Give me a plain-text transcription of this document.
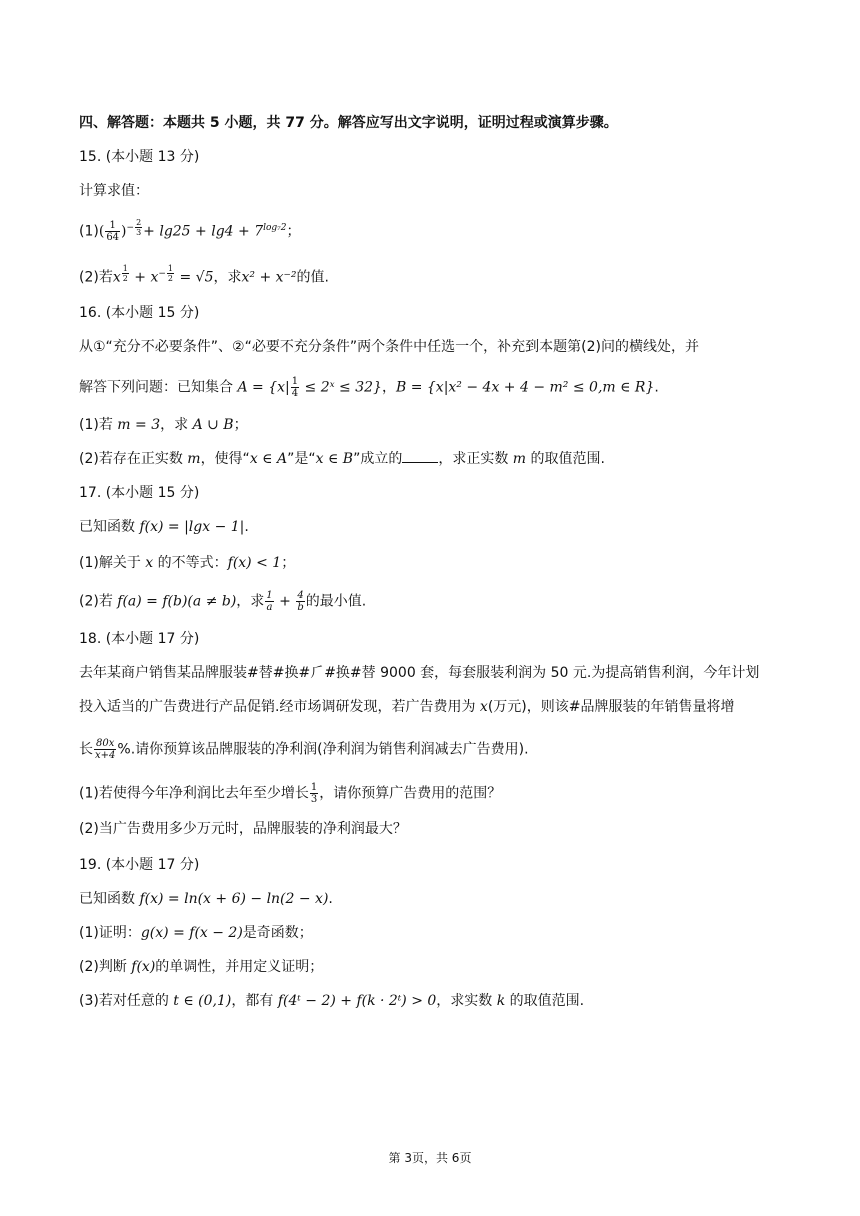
四、解答题：本题共 5 小题，共 77 分。解答应写出文字说明，证明过程或演算步骤。
15. (本小题 13 分)
计算求值：
$(1)( \frac{1}{64} )^{- \frac{2}{3}} + \lg 25 + \lg 4 + 7^{log_72}$；
(2)若x $^{\frac{1}{2}} + x^{- \frac{1}{2}} = √5$，求x² + x⁻²的值.
16. (本小题 15 分)
从①“充分不必要条件”、②“必要不充分条件”两个条件中任选一个，补充到本题第(2)问的横线处，并
解答下列问题：已知集合 $A = \{x| \frac{1}{4}$ ≤ 2ˣ ≤ 32}，B = {x|x² − 4x + 4 − m² ≤ 0,m ∈ R}.
(1)若 m = 3，求 A ∪ B；
(2)若存在正实数 m，使得“x ∈ A”是“x ∈ B”成立的	，求正实数 m 的取值范围.
17. (本小题 15 分)
已知函数 f(x) = |lgx − 1|.
(1)解关于 x 的不等式：f(x) < 1；
(2)若 f(a) = f(b)(a ≠ b)，求 $\frac{1}{a} + \frac{4}{b}$ 的最小值.
18. (本小题 17 分)
去年某商户销售某品牌服装#替#换#⺁#换#替 9000 套，每套服装利润为 50 元.为提高销售利润，今年计划
投入适当的广告费进行产品促销.经市场调研发现，若广告费用为 x(万元)，则该#品牌服装的年销售量将增
长 $\frac{80x}{x+4}$ %.请你预算该品牌服装的净利润(净利润为销售利润减去广告费用).
(1)若使得今年净利润比去年至少增长 $\frac{1}{3}$ ，请你预算广告费用的范围？
(2)当广告费用多少万元时，品牌服装的净利润最大？
19. (本小题 17 分)
已知函数 f(x) = ln(x + 6) − ln(2 − x).
(1)证明：g(x) = f(x − 2)是奇函数；
(2)判断 f(x)的单调性，并用定义证明；
(3)若对任意的 t ∈ (0,1)，都有 f(4ᵗ − 2) + f(k · 2ᵗ) > 0，求实数 k 的取值范围.
第 3页，共 6页
